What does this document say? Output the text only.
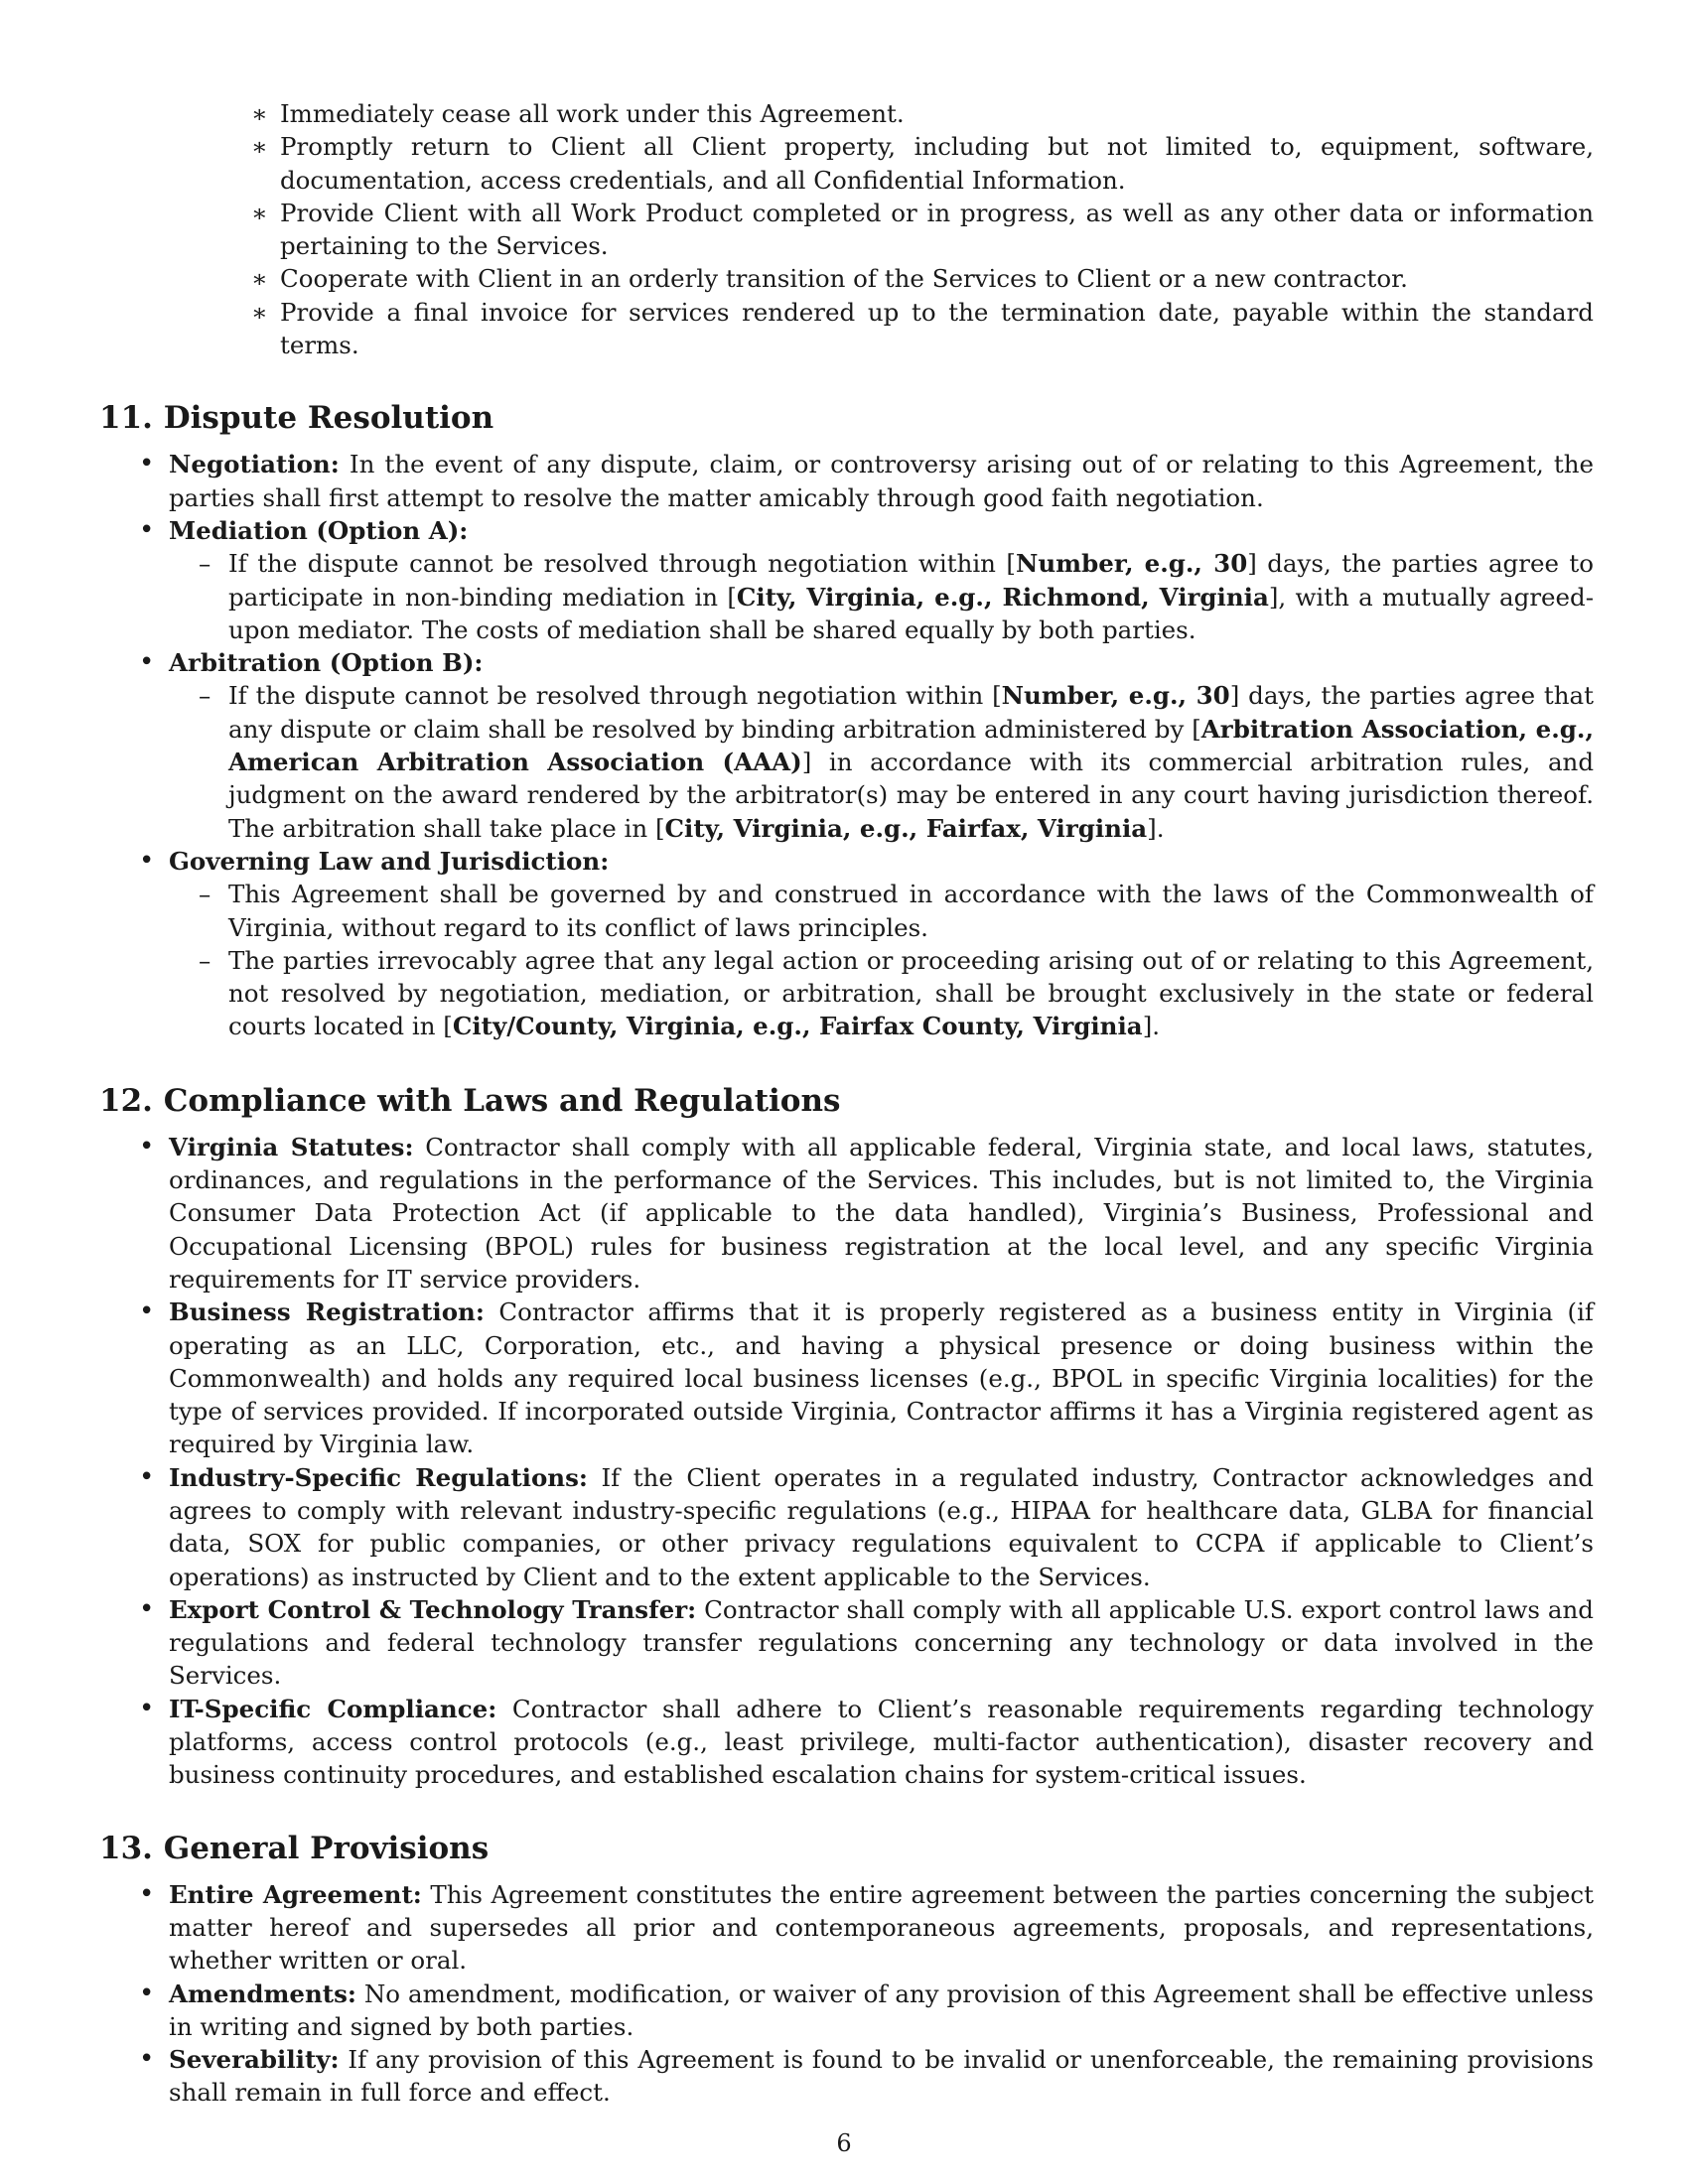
∗ Immediately cease all work under this Agreement.
∗ Promptly return to Client all Client property, including but not limited to, equipment, software, documentation, access credentials, and all Confidential Information.
∗ Provide Client with all Work Product completed or in progress, as well as any other data or information pertaining to the Services.
∗ Cooperate with Client in an orderly transition of the Services to Client or a new contractor.
∗ Provide a final invoice for services rendered up to the termination date, payable within the standard terms.
11. Dispute Resolution
• Negotiation: In the event of any dispute, claim, or controversy arising out of or relating to this Agreement, the parties shall first attempt to resolve the matter amicably through good faith negotiation.
• Mediation (Option A):
– If the dispute cannot be resolved through negotiation within [Number, e.g., 30] days, the parties agree to participate in non-binding mediation in [City, Virginia, e.g., Richmond, Virginia], with a mutually agreed-upon mediator. The costs of mediation shall be shared equally by both parties.
• Arbitration (Option B):
– If the dispute cannot be resolved through negotiation within [Number, e.g., 30] days, the parties agree that any dispute or claim shall be resolved by binding arbitration administered by [Arbitration Association, e.g., American Arbitration Association (AAA)] in accordance with its commercial arbitration rules, and judgment on the award rendered by the arbitrator(s) may be entered in any court having jurisdiction thereof. The arbitration shall take place in [City, Virginia, e.g., Fairfax, Virginia].
• Governing Law and Jurisdiction:
– This Agreement shall be governed by and construed in accordance with the laws of the Commonwealth of Virginia, without regard to its conflict of laws principles.
– The parties irrevocably agree that any legal action or proceeding arising out of or relating to this Agreement, not resolved by negotiation, mediation, or arbitration, shall be brought exclusively in the state or federal courts located in [City/County, Virginia, e.g., Fairfax County, Virginia].
12. Compliance with Laws and Regulations
• Virginia Statutes: Contractor shall comply with all applicable federal, Virginia state, and local laws, statutes, ordinances, and regulations in the performance of the Services. This includes, but is not limited to, the Virginia Consumer Data Protection Act (if applicable to the data handled), Virginia’s Business, Professional and Occupational Licensing (BPOL) rules for business registration at the local level, and any specific Virginia requirements for IT service providers.
• Business Registration: Contractor affirms that it is properly registered as a business entity in Virginia (if operating as an LLC, Corporation, etc., and having a physical presence or doing business within the Commonwealth) and holds any required local business licenses (e.g., BPOL in specific Virginia localities) for the type of services provided. If incorporated outside Virginia, Contractor affirms it has a Virginia registered agent as required by Virginia law.
• Industry-Specific Regulations: If the Client operates in a regulated industry, Contractor acknowledges and agrees to comply with relevant industry-specific regulations (e.g., HIPAA for healthcare data, GLBA for financial data, SOX for public companies, or other privacy regulations equivalent to CCPA if applicable to Client’s operations) as instructed by Client and to the extent applicable to the Services.
• Export Control & Technology Transfer: Contractor shall comply with all applicable U.S. export control laws and regulations and federal technology transfer regulations concerning any technology or data involved in the Services.
• IT-Specific Compliance: Contractor shall adhere to Client’s reasonable requirements regarding technology platforms, access control protocols (e.g., least privilege, multi-factor authentication), disaster recovery and business continuity procedures, and established escalation chains for system-critical issues.
13. General Provisions
• Entire Agreement: This Agreement constitutes the entire agreement between the parties concerning the subject matter hereof and supersedes all prior and contemporaneous agreements, proposals, and representations, whether written or oral.
• Amendments: No amendment, modification, or waiver of any provision of this Agreement shall be effective unless in writing and signed by both parties.
• Severability: If any provision of this Agreement is found to be invalid or unenforceable, the remaining provisions shall remain in full force and effect.
6
